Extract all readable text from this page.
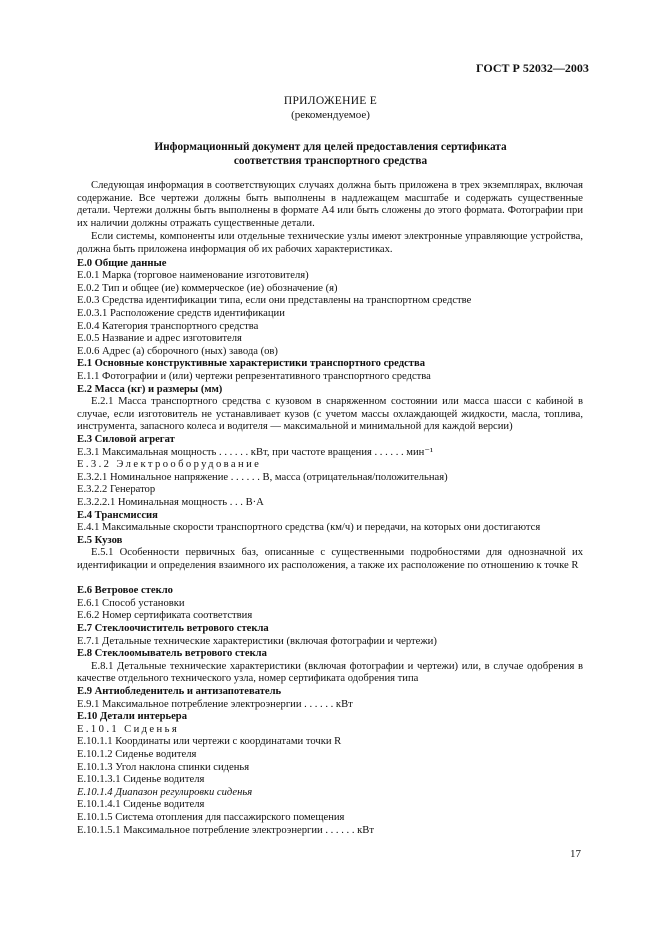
ГОСТ Р 52032—2003
ПРИЛОЖЕНИЕ Е
(рекомендуемое)
Информационный документ для целей предоставления сертификата
соответствия транспортного средства

Следующая информация в соответствующих случаях должна быть приложена в трех экземплярах, включая содержание. Все чертежи должны быть выполнены в надлежащем масштабе и содержать существенные детали. Чертежи должны быть выполнены в формате А4 или быть сложены до этого формата. Фотографии при их наличии должны отражать существенные детали.

Если системы, компоненты или отдельные технические узлы имеют электронные управляющие устройства, должна быть приложена информация об их рабочих характеристиках.

Е.0 Общие данные
Е.0.1 Марка (торговое наименование изготовителя)
Е.0.2 Тип и общее (ие) коммерческое (ие) обозначение (я)
Е.0.3 Средства идентификации типа, если они представлены на транспортном средстве
Е.0.3.1 Расположение средств идентификации
Е.0.4 Категория транспортного средства
Е.0.5 Название и адрес изготовителя
Е.0.6 Адрес (а) сборочного (ных) завода (ов)
Е.1 Основные конструктивные характеристики транспортного средства
Е.1.1 Фотографии и (или) чертежи репрезентативного транспортного средства
Е.2 Масса (кг) и размеры (мм)

Е.2.1 Масса транспортного средства с кузовом в снаряженном состоянии или масса шасси с кабиной в случае, если изготовитель не устанавливает кузов (с учетом массы охлаждающей жидкости, масла, топлива, инструмента, запасного колеса и водителя — максимальной и минимальной для каждой версии)

Е.3 Силовой агрегат
Е.3.1 Максимальная мощность . . . . . . кВт, при частоте вращения . . . . . . мин⁻¹
Е.3.2 Электрооборудование
Е.3.2.1 Номинальное напряжение . . . . . . В, масса (отрицательная/положительная)
Е.3.2.2 Генератор
Е.3.2.2.1 Номинальная мощность . . . В·А
Е.4 Трансмиссия
Е.4.1 Максимальные скорости транспортного средства (км/ч) и передачи, на которых они достигаются
Е.5 Кузов

Е.5.1 Особенности первичных баз, описанные с существенными подробностями для однозначной их идентификации и определения взаимного их расположения, а также их расположение по отношению к точке R

Е.6 Ветровое стекло
Е.6.1 Способ установки
Е.6.2 Номер сертификата соответствия
Е.7 Стеклоочиститель ветрового стекла
Е.7.1 Детальные технические характеристики (включая фотографии и чертежи)
Е.8 Стеклоомыватель ветрового стекла

Е.8.1 Детальные технические характеристики (включая фотографии и чертежи) или, в случае одобрения в качестве отдельного технического узла, номер сертификата одобрения типа

Е.9 Антиобледенитель и антизапотеватель
Е.9.1 Максимальное потребление электроэнергии . . . . . . кВт
Е.10 Детали интерьера
Е.10.1 Сиденья
Е.10.1.1 Координаты или чертежи с координатами точки R
Е.10.1.2 Сиденье водителя
Е.10.1.3 Угол наклона спинки сиденья
Е.10.1.3.1 Сиденье водителя
Е.10.1.4 Диапазон регулировки сиденья
Е.10.1.4.1 Сиденье водителя
Е.10.1.5 Система отопления для пассажирского помещения
Е.10.1.5.1 Максимальное потребление электроэнергии . . . . . . кВт
17
